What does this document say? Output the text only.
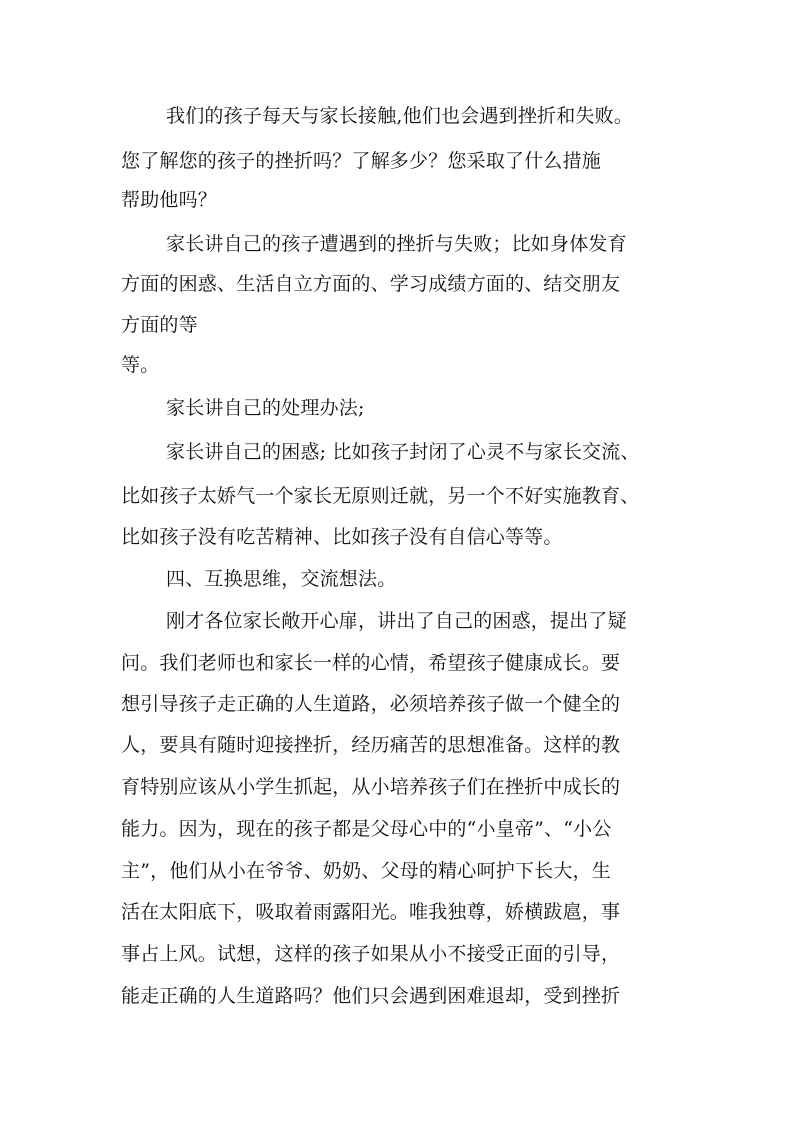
我们的孩子每天与家长接触,他们也会遇到挫折和失败。
您了解您的孩子的挫折吗？了解多少？您采取了什么措施
帮助他吗？
家长讲自己的孩子遭遇到的挫折与失败；比如身体发育
方面的困惑、生活自立方面的、学习成绩方面的、结交朋友
方面的等
等。
家长讲自己的处理办法;
家长讲自己的困惑; 比如孩子封闭了心灵不与家长交流、
比如孩子太娇气一个家长无原则迁就，另一个不好实施教育、
比如孩子没有吃苦精神、比如孩子没有自信心等等。
四、互换思维，交流想法。
刚才各位家长敞开心扉，讲出了自己的困惑，提出了疑
问。我们老师也和家长一样的心情，希望孩子健康成长。要
想引导孩子走正确的人生道路，必须培养孩子做一个健全的
人，要具有随时迎接挫折，经历痛苦的思想准备。这样的教
育特别应该从小学生抓起，从小培养孩子们在挫折中成长的
能力。因为，现在的孩子都是父母心中的“小皇帝”、“小公
主”，他们从小在爷爷、奶奶、父母的精心呵护下长大，生
活在太阳底下，吸取着雨露阳光。唯我独尊，娇横跋扈，事
事占上风。试想，这样的孩子如果从小不接受正面的引导，
能走正确的人生道路吗？他们只会遇到困难退却，受到挫折
